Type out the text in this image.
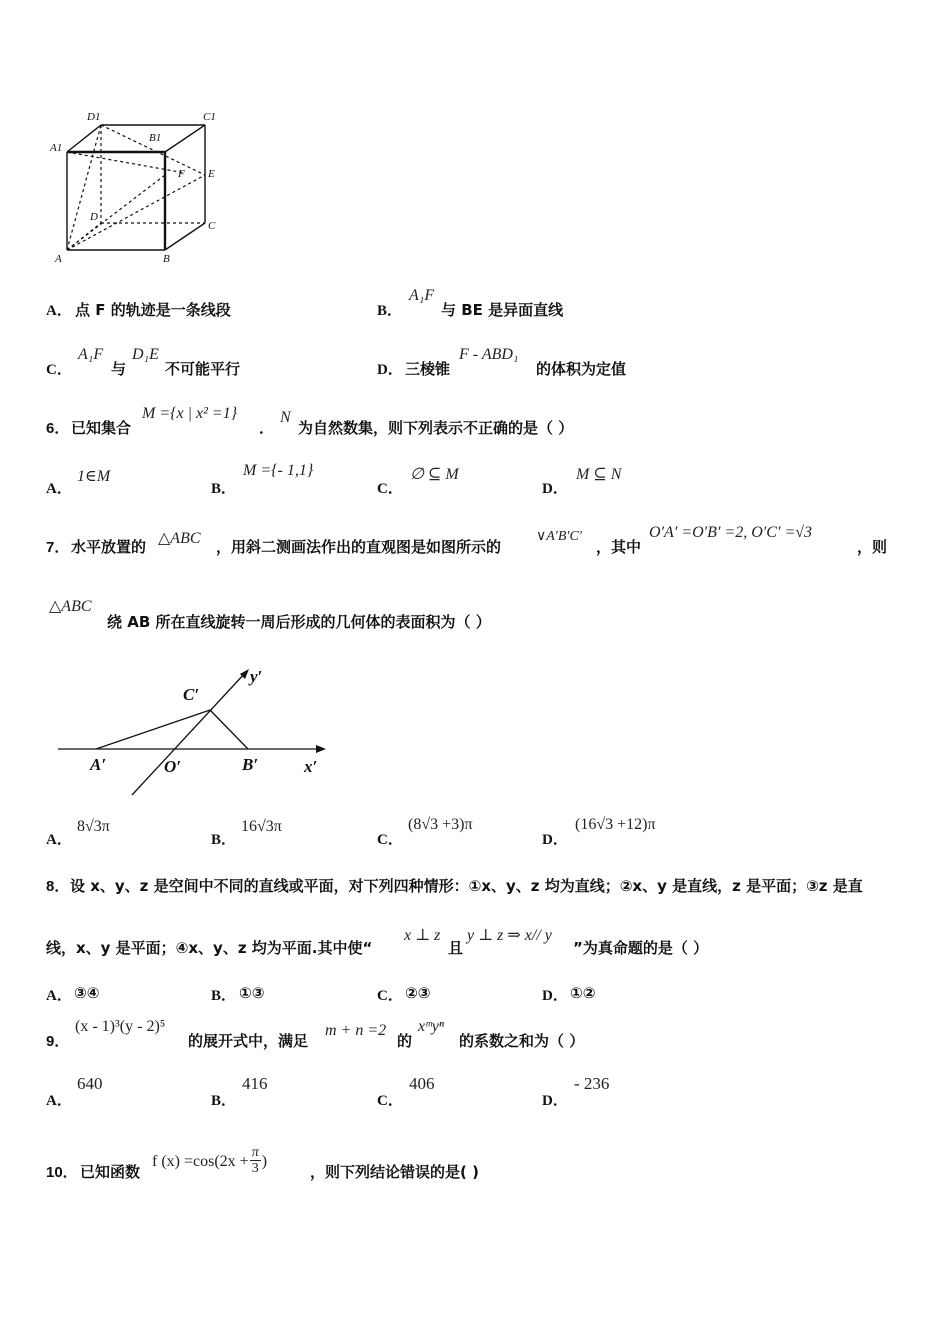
D1	C1
A1
B1
F E
D
C
A	B
A． 点 F 的轨迹是一条线段	B．
A₁F
与 BE 是异面直线
C．
A₁F
与
D₁E
不可能平行	D． 三棱锥
F - ABD₁
的体积为定值
6． 已知集合
M ={x | x² =1}
．
N
为自然数集，则下列表示不正确的是（ ）
A．
1∈M
B．
M ={- 1,1}
C．
∅ ⊆ M
D．
M ⊆ N
7． 水平放置的 △ABC ，用斜二测画法作出的直观图是如图所示的
∨A′B′C′
，其中
O′A′ =O′B′ =2, O′C′ =√3
，则
△ABC
绕 AB 所在直线旋转一周后形成的几何体的表面积为（ ）
C′
y′
A′	O′	B′	x′
A．
8√3π
B．
16√3π
C．
(8√3 +3)π
D．
(16√3 +12)π
8． 设 x、y、z 是空间中不同的直线或平面，对下列四种情形：①x、y、z 均为直线；②x、y 是直线，z 是平面；③z 是直
线，x、y 是平面；④x、y、z 均为平面.其中使“
x ⊥ z
且
y ⊥ z ⇒ x// y
”为真命题的是（ ）
A． ③④	B． ①③	C． ②③	D． ①②
9．
(x - 1)³(y - 2)⁵
的展开式中，满足
m + n =2
的
xᵐyⁿ
的系数之和为（ ）
A．
640
B．
416
C．
406
D．
- 236
10． 已知函数
f $(x) =\cos(2x + \frac{\pi}{3}$ )
，则下列结论错误的是( )
